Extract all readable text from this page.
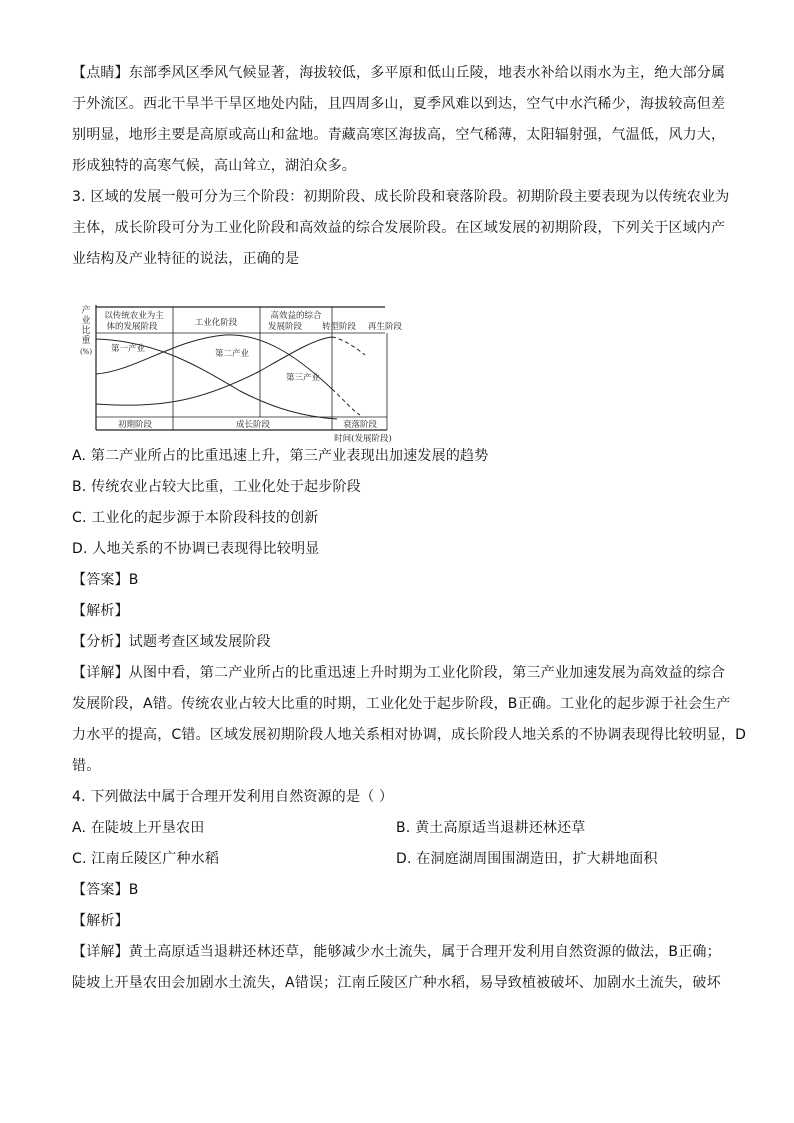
【点睛】东部季风区季风气候显著，海拔较低，多平原和低山丘陵，地表水补给以雨水为主，绝大部分属
于外流区。西北干旱半干旱区地处内陆，且四周多山，夏季风难以到达，空气中水汽稀少，海拔较高但差
别明显，地形主要是高原或高山和盆地。青藏高寒区海拔高，空气稀薄，太阳辐射强，气温低，风力大，
形成独特的高寒气候，高山耸立，湖泊众多。
3. 区域的发展一般可分为三个阶段：初期阶段、成长阶段和衰落阶段。初期阶段主要表现为以传统农业为
主体，成长阶段可分为工业化阶段和高效益的综合发展阶段。在区域发展的初期阶段，下列关于区域内产
业结构及产业特征的说法，正确的是
A. 第二产业所占的比重迅速上升，第三产业表现出加速发展的趋势
B. 传统农业占较大比重，工业化处于起步阶段
C. 工业化的起步源于本阶段科技的创新
D. 人地关系的不协调已表现得比较明显
【答案】B
【解析】
【分析】试题考查区域发展阶段
【详解】从图中看，第二产业所占的比重迅速上升时期为工业化阶段，第三产业加速发展为高效益的综合
发展阶段，A错。传统农业占较大比重的时期，工业化处于起步阶段，B正确。工业化的起步源于社会生产
力水平的提高，C错。区域发展初期阶段人地关系相对协调，成长阶段人地关系的不协调表现得比较明显，D
错。
4. 下列做法中属于合理开发利用自然资源的是（ ）
A. 在陡坡上开垦农田	B. 黄土高原适当退耕还林还草
C. 江南丘陵区广种水稻	D. 在洞庭湖周围围湖造田，扩大耕地面积
【答案】B
【解析】
【详解】黄土高原适当退耕还林还草，能够减少水土流失，属于合理开发利用自然资源的做法，B正确；
陡坡上开垦农田会加剧水土流失，A错误；江南丘陵区广种水稻，易导致植被破坏、加剧水土流失，破坏
产
业
比
重
(%)
以传统农业为主
体的发展阶段	工业化阶段
高效益的综合
发展阶段 转型阶段 再生阶段
第一产业	第二产业
第三产业
初期阶段	成长阶段	衰落阶段
时间(发展阶段)
